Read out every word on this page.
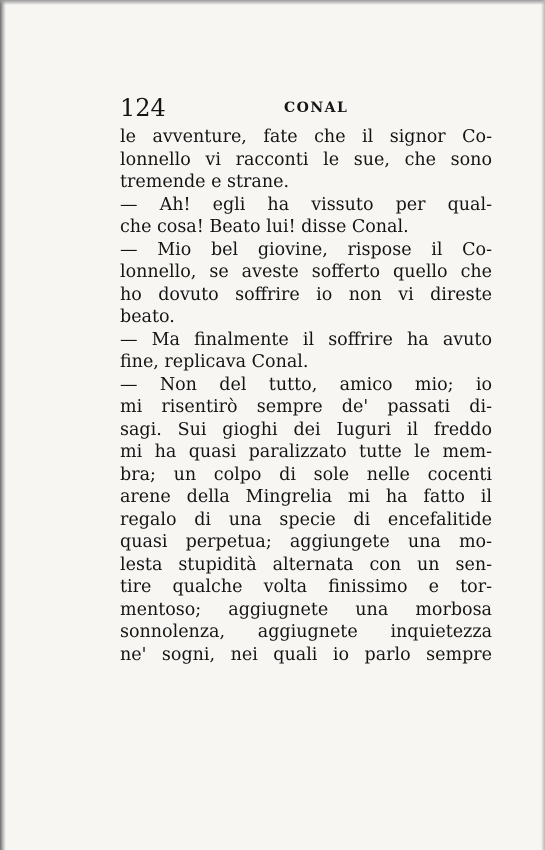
124	CONAL
le avventure, fate che il signor Co-
lonnello vi racconti le sue, che sono
tremende e strane.
— Ah! egli ha vissuto per qual-
che cosa! Beato lui! disse Conal.
— Mio bel giovine, rispose il Co-
lonnello, se aveste sofferto quello che
ho dovuto soffrire io non vi direste
beato.
— Ma finalmente il soffrire ha avuto
fine, replicava Conal.
— Non del tutto, amico mio; io
mi risentirò sempre de' passati di-
sagi. Sui gioghi dei Iuguri il freddo
mi ha quasi paralizzato tutte le mem-
bra; un colpo di sole nelle cocenti
arene della Mingrelia mi ha fatto il
regalo di una specie di encefalitide
quasi perpetua; aggiungete una mo-
lesta stupidità alternata con un sen-
tire qualche volta finissimo e tor-
mentoso; aggiugnete una morbosa
sonnolenza, aggiugnete inquietezza
ne' sogni, nei quali io parlo sempre
